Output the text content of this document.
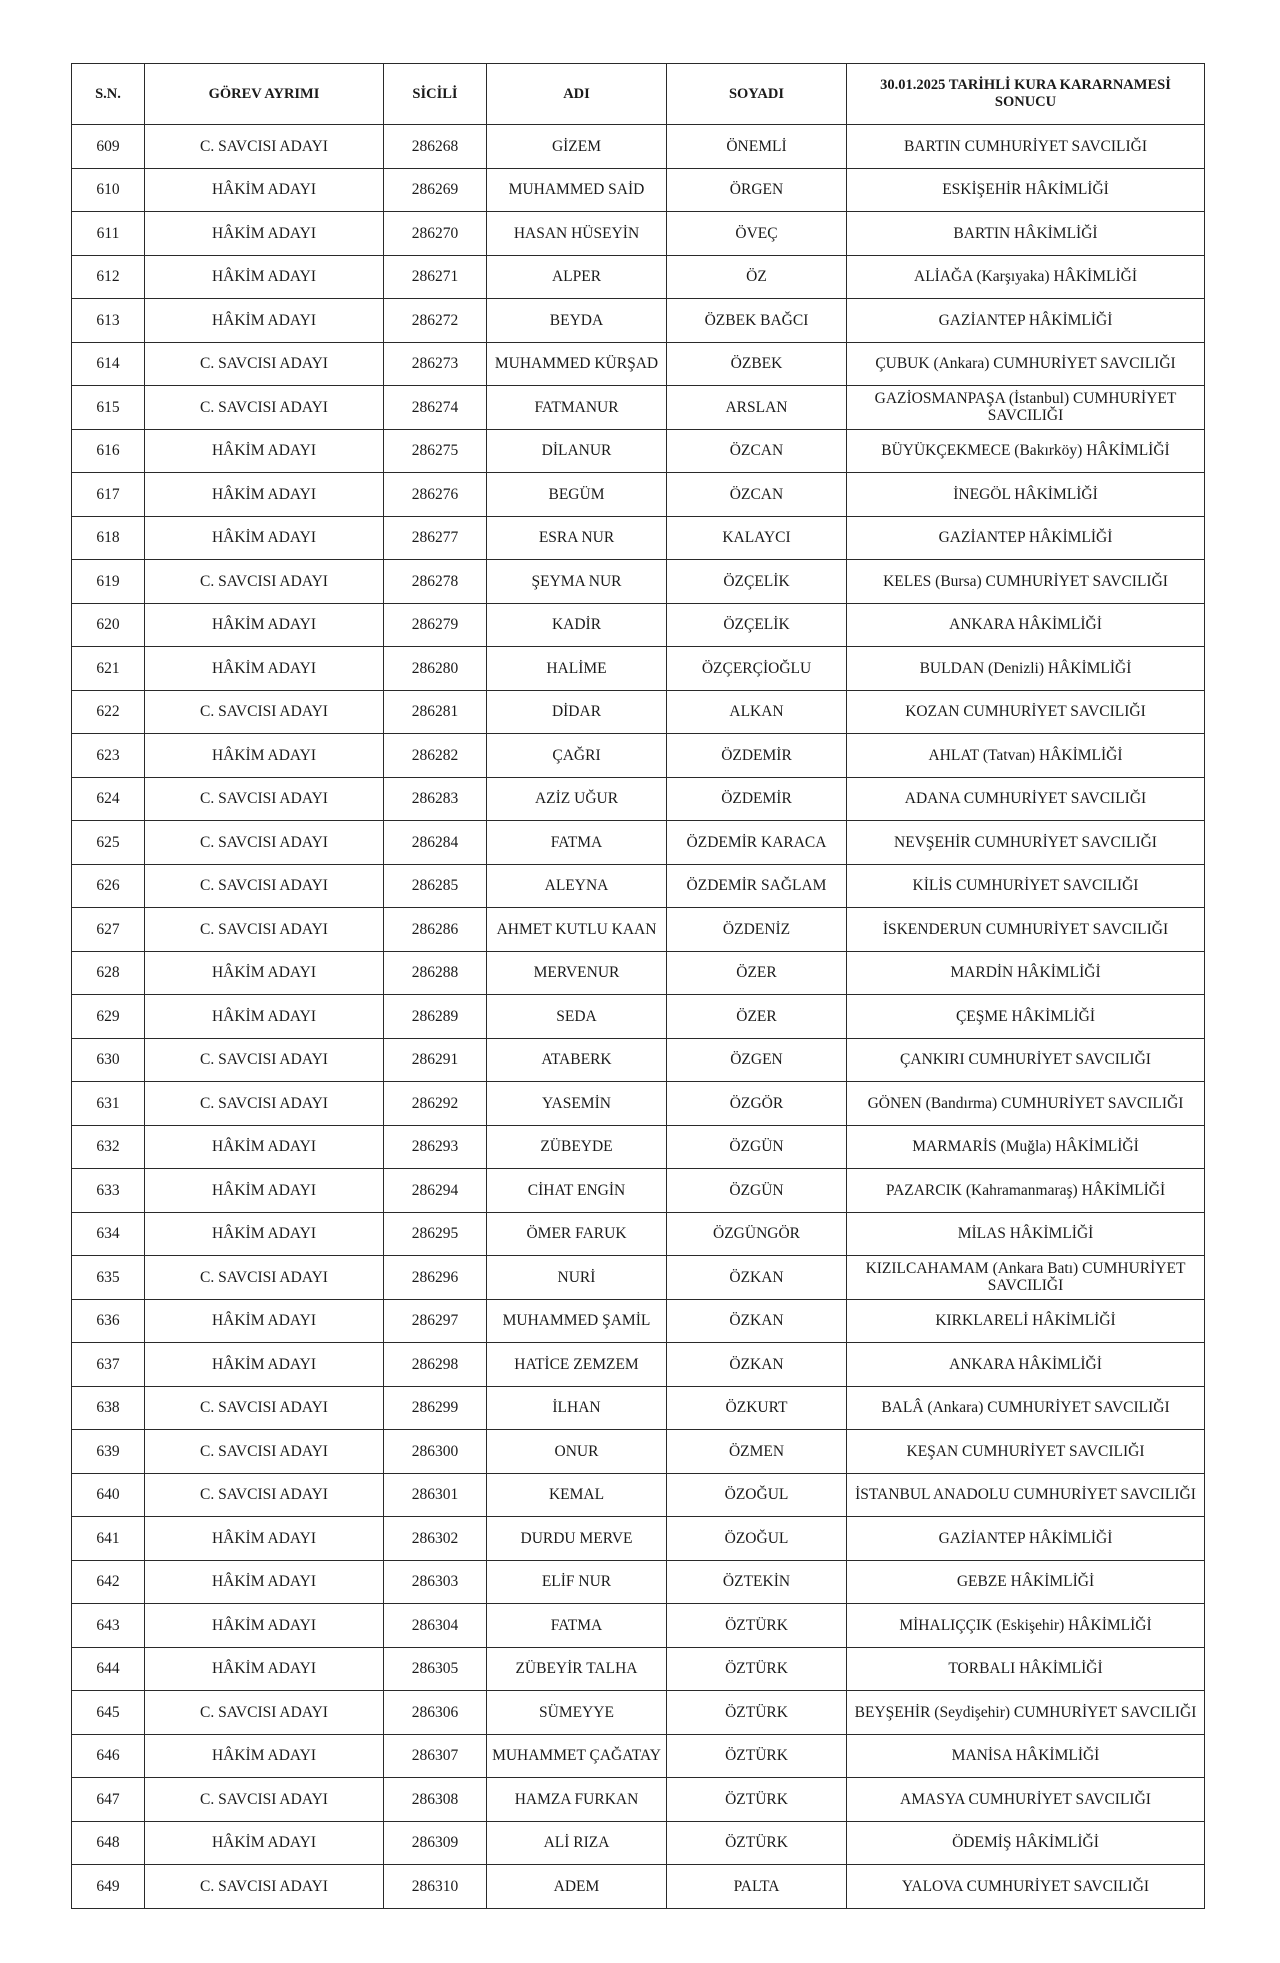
S.N.	GÖREV AYRIMI	SİCİLİ	ADI	SOYADI	30.01.2025 TARİHLİ KURA KARARNAMESİ SONUCU
609	C. SAVCISI ADAYI	286268	GİZEM	ÖNEMLİ	BARTIN CUMHURİYET SAVCILIĞI
610	HÂKİM ADAYI	286269	MUHAMMED SAİD	ÖRGEN	ESKİŞEHİR HÂKİMLİĞİ
611	HÂKİM ADAYI	286270	HASAN HÜSEYİN	ÖVEÇ	BARTIN HÂKİMLİĞİ
612	HÂKİM ADAYI	286271	ALPER	ÖZ	ALİAĞA (Karşıyaka) HÂKİMLİĞİ
613	HÂKİM ADAYI	286272	BEYDA	ÖZBEK BAĞCI	GAZİANTEP HÂKİMLİĞİ
614	C. SAVCISI ADAYI	286273	MUHAMMED KÜRŞAD	ÖZBEK	ÇUBUK (Ankara) CUMHURİYET SAVCILIĞI
615	C. SAVCISI ADAYI	286274	FATMANUR	ARSLAN	GAZİOSMANPAŞA (İstanbul) CUMHURİYET SAVCILIĞI
616	HÂKİM ADAYI	286275	DİLANUR	ÖZCAN	BÜYÜKÇEKMECE (Bakırköy) HÂKİMLİĞİ
617	HÂKİM ADAYI	286276	BEGÜM	ÖZCAN	İNEGÖL HÂKİMLİĞİ
618	HÂKİM ADAYI	286277	ESRA NUR	KALAYCI	GAZİANTEP HÂKİMLİĞİ
619	C. SAVCISI ADAYI	286278	ŞEYMA NUR	ÖZÇELİK	KELES (Bursa) CUMHURİYET SAVCILIĞI
620	HÂKİM ADAYI	286279	KADİR	ÖZÇELİK	ANKARA HÂKİMLİĞİ
621	HÂKİM ADAYI	286280	HALİME	ÖZÇERÇİOĞLU	BULDAN (Denizli) HÂKİMLİĞİ
622	C. SAVCISI ADAYI	286281	DİDAR	ALKAN	KOZAN CUMHURİYET SAVCILIĞI
623	HÂKİM ADAYI	286282	ÇAĞRI	ÖZDEMİR	AHLAT (Tatvan) HÂKİMLİĞİ
624	C. SAVCISI ADAYI	286283	AZİZ UĞUR	ÖZDEMİR	ADANA CUMHURİYET SAVCILIĞI
625	C. SAVCISI ADAYI	286284	FATMA	ÖZDEMİR KARACA	NEVŞEHİR CUMHURİYET SAVCILIĞI
626	C. SAVCISI ADAYI	286285	ALEYNA	ÖZDEMİR SAĞLAM	KİLİS CUMHURİYET SAVCILIĞI
627	C. SAVCISI ADAYI	286286	AHMET KUTLU KAAN	ÖZDENİZ	İSKENDERUN CUMHURİYET SAVCILIĞI
628	HÂKİM ADAYI	286288	MERVENUR	ÖZER	MARDİN HÂKİMLİĞİ
629	HÂKİM ADAYI	286289	SEDA	ÖZER	ÇEŞME HÂKİMLİĞİ
630	C. SAVCISI ADAYI	286291	ATABERK	ÖZGEN	ÇANKIRI CUMHURİYET SAVCILIĞI
631	C. SAVCISI ADAYI	286292	YASEMİN	ÖZGÖR	GÖNEN (Bandırma) CUMHURİYET SAVCILIĞI
632	HÂKİM ADAYI	286293	ZÜBEYDE	ÖZGÜN	MARMARİS (Muğla) HÂKİMLİĞİ
633	HÂKİM ADAYI	286294	CİHAT ENGİN	ÖZGÜN	PAZARCIK (Kahramanmaraş) HÂKİMLİĞİ
634	HÂKİM ADAYI	286295	ÖMER FARUK	ÖZGÜNGÖR	MİLAS HÂKİMLİĞİ
635	C. SAVCISI ADAYI	286296	NURİ	ÖZKAN	KIZILCAHAMAM (Ankara Batı) CUMHURİYET SAVCILIĞI
636	HÂKİM ADAYI	286297	MUHAMMED ŞAMİL	ÖZKAN	KIRKLARELİ HÂKİMLİĞİ
637	HÂKİM ADAYI	286298	HATİCE ZEMZEM	ÖZKAN	ANKARA HÂKİMLİĞİ
638	C. SAVCISI ADAYI	286299	İLHAN	ÖZKURT	BALÂ (Ankara) CUMHURİYET SAVCILIĞI
639	C. SAVCISI ADAYI	286300	ONUR	ÖZMEN	KEŞAN CUMHURİYET SAVCILIĞI
640	C. SAVCISI ADAYI	286301	KEMAL	ÖZOĞUL	İSTANBUL ANADOLU CUMHURİYET SAVCILIĞI
641	HÂKİM ADAYI	286302	DURDU MERVE	ÖZOĞUL	GAZİANTEP HÂKİMLİĞİ
642	HÂKİM ADAYI	286303	ELİF NUR	ÖZTEKİN	GEBZE HÂKİMLİĞİ
643	HÂKİM ADAYI	286304	FATMA	ÖZTÜRK	MİHALIÇÇIK (Eskişehir) HÂKİMLİĞİ
644	HÂKİM ADAYI	286305	ZÜBEYİR TALHA	ÖZTÜRK	TORBALI HÂKİMLİĞİ
645	C. SAVCISI ADAYI	286306	SÜMEYYE	ÖZTÜRK	BEYŞEHİR (Seydişehir) CUMHURİYET SAVCILIĞI
646	HÂKİM ADAYI	286307	MUHAMMET ÇAĞATAY	ÖZTÜRK	MANİSA HÂKİMLİĞİ
647	C. SAVCISI ADAYI	286308	HAMZA FURKAN	ÖZTÜRK	AMASYA CUMHURİYET SAVCILIĞI
648	HÂKİM ADAYI	286309	ALİ RIZA	ÖZTÜRK	ÖDEMİŞ HÂKİMLİĞİ
649	C. SAVCISI ADAYI	286310	ADEM	PALTA	YALOVA CUMHURİYET SAVCILIĞI
